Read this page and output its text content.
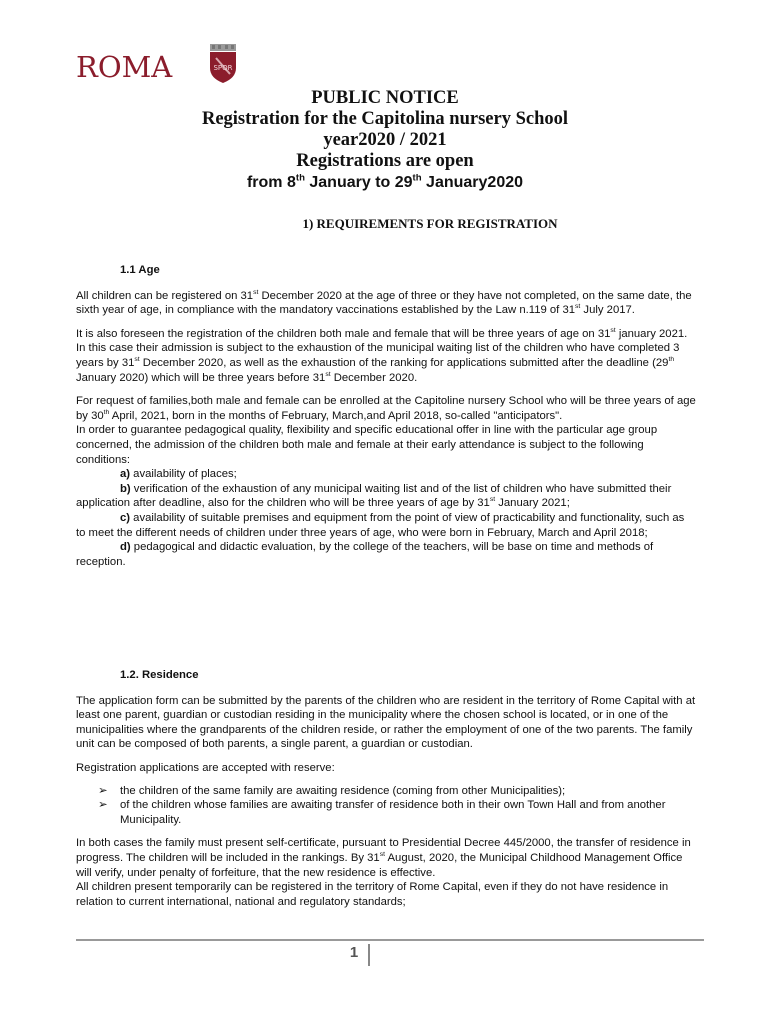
ROMA	SPQR
PUBLIC NOTICE
Registration for the Capitolina nursery School
year2020 / 2021
Registrations are open
from 8th January to 29th January2020
1) REQUIREMENTS FOR REGISTRATION

1.1 Age

All children can be registered on 31st December 2020 at the age of three or they have not completed, on the same date, the sixth year of age, in compliance with the mandatory vaccinations established by the Law n.119 of 31st July 2017.

It is also foreseen the registration of the children both male and female that will be three years of age on 31st january 2021. In this case their admission is subject to the exhaustion of the municipal waiting list of the children who have completed 3 years by 31st December 2020, as well as the exhaustion of the ranking for applications submitted after the deadline (29th January 2020) which will be three years before 31st December 2020.

For request of families,both male and female can be enrolled at the Capitoline nursery School who will be three years of age by 30th April, 2021, born in the months of February, March,and April 2018, so-called "anticipators".

In order to guarantee pedagogical quality, flexibility and specific educational offer in line with the particular age group concerned, the admission of the children both male and female at their early attendance is subject to the following conditions:

a) availability of places;

b) verification of the exhaustion of any municipal waiting list and of the list of children who have submitted their application after deadline, also for the children who will be three years of age by 31st January 2021;

c) availability of suitable premises and equipment from the point of view of practicability and functionality, such as to meet the different needs of children under three years of age, who were born in February, March and April 2018;

d) pedagogical and didactic evaluation, by the college of the teachers, will be base on time and methods of reception.

1.2. Residence

The application form can be submitted by the parents of the children who are resident in the territory of Rome Capital with at least one parent, guardian or custodian residing in the municipality where the chosen school is located, or in one of the municipalities where the grandparents of the children reside, or rather the employment of one of the two parents. The family unit can be composed of both parents, a single parent, a guardian or custodian.

Registration applications are accepted with reserve:

➢ the children of the same family are awaiting residence (coming from other Municipalities);
➢ of the children whose families are awaiting transfer of residence both in their own Town Hall and from another Municipality.

In both cases the family must present self-certificate, pursuant to Presidential Decree 445/2000, the transfer of residence in progress. The children will be included in the rankings. By 31st August, 2020, the Municipal Childhood Management Office will verify, under penalty of forfeiture, that the new residence is effective.

All children present temporarily can be registered in the territory of Rome Capital, even if they do not have residence in relation to current international, national and regulatory standards;

1
